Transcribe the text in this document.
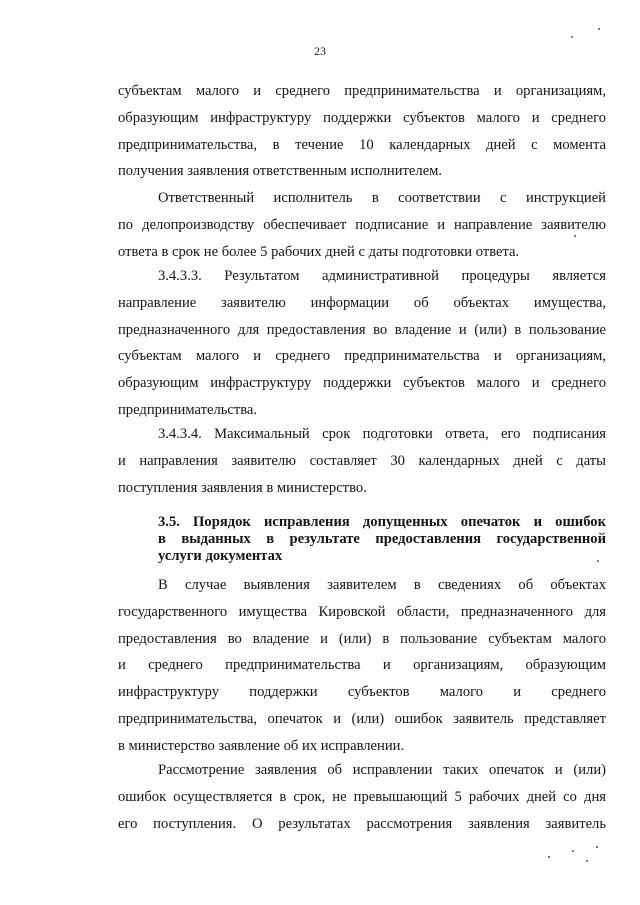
23
субъектам малого и среднего предпринимательства и организациям,
образующим инфраструктуру поддержки субъектов малого и среднего
предпринимательства, в течение 10 календарных дней с момента
получения заявления ответственным исполнителем.
Ответственный исполнитель в соответствии с инструкцией
по делопроизводству обеспечивает подписание и направление заявителю
ответа в срок не более 5 рабочих дней с даты подготовки ответа.
3.4.3.3. Результатом административной процедуры является
направление заявителю информации об объектах имущества,
предназначенного для предоставления во владение и (или) в пользование
субъектам малого и среднего предпринимательства и организациям,
образующим инфраструктуру поддержки субъектов малого и среднего
предпринимательства.
3.4.3.4. Максимальный срок подготовки ответа, его подписания
и направления заявителю составляет 30 календарных дней с даты
поступления заявления в министерство.
3.5. Порядок исправления допущенных опечаток и ошибок
в выданных в результате предоставления государственной
услуги документах
В случае выявления заявителем в сведениях об объектах
государственного имущества Кировской области, предназначенного для
предоставления во владение и (или) в пользование субъектам малого
и среднего предпринимательства и организациям, образующим
инфраструктуру поддержки субъектов малого и среднего
предпринимательства, опечаток и (или) ошибок заявитель представляет
в министерство заявление об их исправлении.
Рассмотрение заявления об исправлении таких опечаток и (или)
ошибок осуществляется в срок, не превышающий 5 рабочих дней со дня
его поступления. О результатах рассмотрения заявления заявитель
